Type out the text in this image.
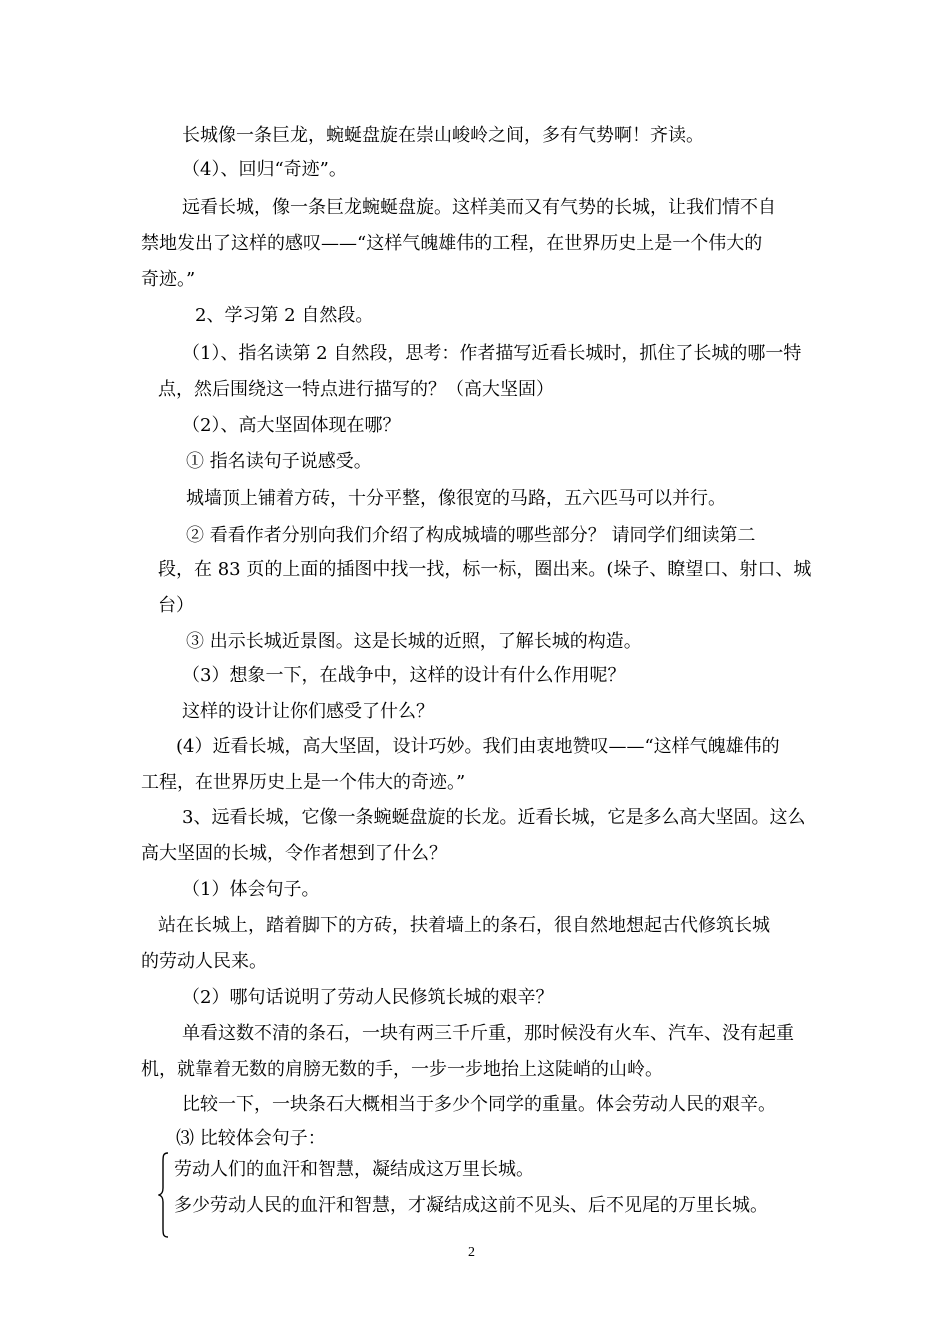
长城像一条巨龙，蜿蜒盘旋在崇山峻岭之间，多有气势啊！齐读。
（4）、回归“奇迹”。
远看长城，像一条巨龙蜿蜒盘旋。这样美而又有气势的长城，让我们情不自
禁地发出了这样的感叹——“这样气魄雄伟的工程，在世界历史上是一个伟大的
奇迹。”
2、学习第 2 自然段。
（1）、指名读第 2 自然段，思考：作者描写近看长城时，抓住了长城的哪一特
点，然后围绕这一特点进行描写的？（高大坚固）
（2）、高大坚固体现在哪？
① 指名读句子说感受。
城墙顶上铺着方砖，十分平整，像很宽的马路，五六匹马可以并行。
② 看看作者分别向我们介绍了构成城墙的哪些部分？ 请同学们细读第二
段，在 83 页的上面的插图中找一找，标一标，圈出来。(垛子、瞭望口、射口、城
台）
③ 出示长城近景图。这是长城的近照，了解长城的构造。
（3）想象一下，在战争中，这样的设计有什么作用呢？
这样的设计让你们感受了什么？
(4）近看长城，高大坚固，设计巧妙。我们由衷地赞叹——“这样气魄雄伟的
工程，在世界历史上是一个伟大的奇迹。”
3、远看长城，它像一条蜿蜒盘旋的长龙。近看长城，它是多么高大坚固。这么
高大坚固的长城，令作者想到了什么？
（1）体会句子。
站在长城上，踏着脚下的方砖，扶着墙上的条石，很自然地想起古代修筑长城
的劳动人民来。
（2）哪句话说明了劳动人民修筑长城的艰辛？
单看这数不清的条石，一块有两三千斤重，那时候没有火车、汽车、没有起重
机，就靠着无数的肩膀无数的手，一步一步地抬上这陡峭的山岭。
比较一下，一块条石大概相当于多少个同学的重量。体会劳动人民的艰辛。
⑶ 比较体会句子：
劳动人们的血汗和智慧，凝结成这万里长城。
多少劳动人民的血汗和智慧，才凝结成这前不见头、后不见尾的万里长城。
2
